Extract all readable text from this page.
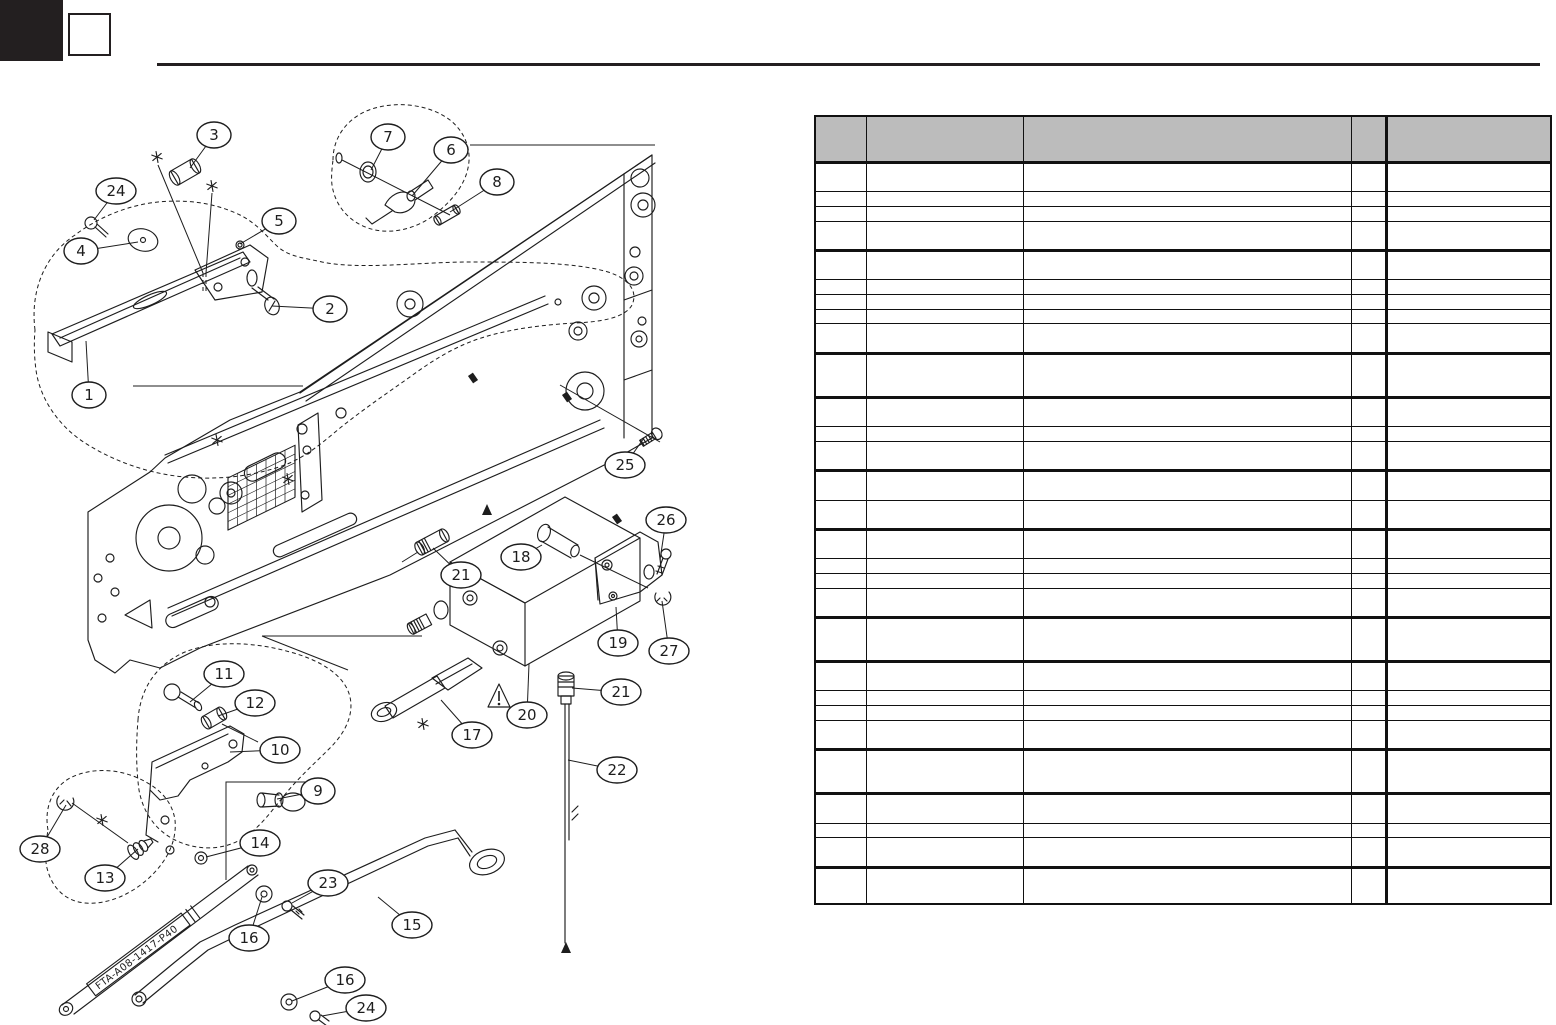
FTA-A08-1417-P40
3
24
4
5
1
2
7
6
8
25
21
18
26
19 27
20
17
21
22
11
12
10
9
14
13
28
23
16
15
16
24
